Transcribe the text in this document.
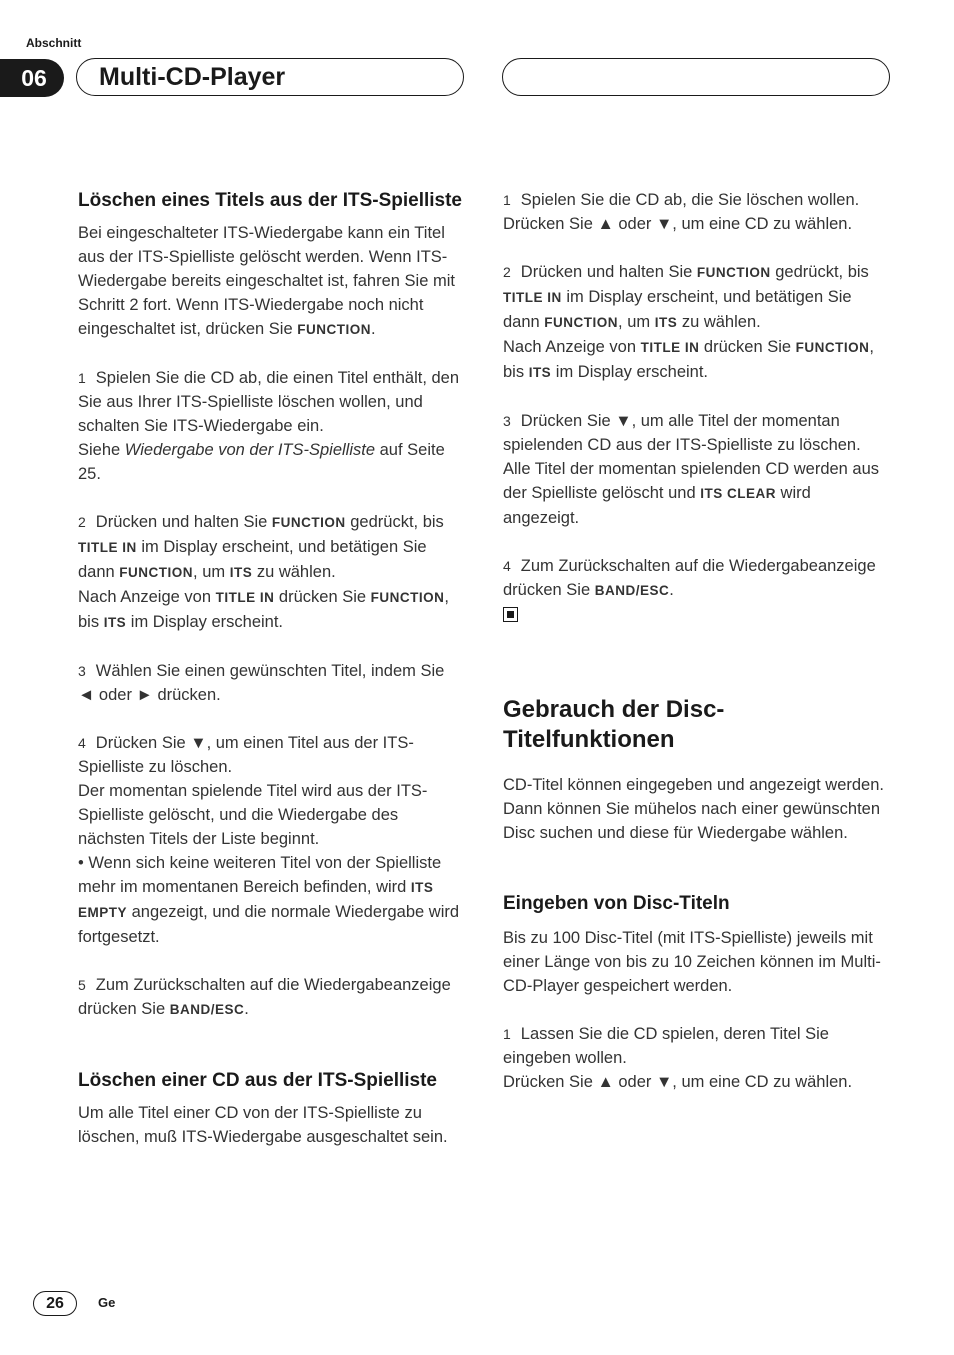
Abschnitt
06	Multi-CD-Player
Löschen eines Titels aus der ITS-Spielliste

Bei eingeschalteter ITS-Wiedergabe kann ein Titel aus der ITS-Spielliste gelöscht werden. Wenn ITS-Wiedergabe bereits eingeschaltet ist, fahren Sie mit Schritt 2 fort. Wenn ITS-Wiedergabe noch nicht eingeschaltet ist, drücken Sie FUNCTION.

1 Spielen Sie die CD ab, die einen Titel enthält, den Sie aus Ihrer ITS-Spielliste löschen wollen, und schalten Sie ITS-Wiedergabe ein.

Siehe Wiedergabe von der ITS-Spielliste auf Seite 25.

2 Drücken und halten Sie FUNCTION gedrückt, bis TITLE IN im Display erscheint, und betätigen Sie dann FUNCTION, um ITS zu wählen.

Nach Anzeige von TITLE IN drücken Sie FUNCTION, bis ITS im Display erscheint.

3 Wählen Sie einen gewünschten Titel, indem Sie ◄ oder ► drücken.

4 Drücken Sie ▼, um einen Titel aus der ITS-Spielliste zu löschen.

Der momentan spielende Titel wird aus der ITS-Spielliste gelöscht, und die Wiedergabe des nächsten Titels der Liste beginnt.

• Wenn sich keine weiteren Titel von der Spielliste mehr im momentanen Bereich befinden, wird ITS EMPTY angezeigt, und die normale Wiedergabe wird fortgesetzt.

5 Zum Zurückschalten auf die Wiedergabeanzeige drücken Sie BAND/ESC.

Löschen einer CD aus der ITS-Spielliste

Um alle Titel einer CD von der ITS-Spielliste zu löschen, muß ITS-Wiedergabe ausgeschaltet sein.

1 Spielen Sie die CD ab, die Sie löschen wollen.

Drücken Sie ▲ oder ▼, um eine CD zu wählen.

2 Drücken und halten Sie FUNCTION gedrückt, bis TITLE IN im Display erscheint, und betätigen Sie dann FUNCTION, um ITS zu wählen.

Nach Anzeige von TITLE IN drücken Sie FUNCTION, bis ITS im Display erscheint.

3 Drücken Sie ▼, um alle Titel der momentan spielenden CD aus der ITS-Spielliste zu löschen.

Alle Titel der momentan spielenden CD werden aus der Spielliste gelöscht und ITS CLEAR wird angezeigt.

4 Zum Zurückschalten auf die Wiedergabeanzeige drücken Sie BAND/ESC.

Gebrauch der Disc-Titelfunktionen

CD-Titel können eingegeben und angezeigt werden. Dann können Sie mühelos nach einer gewünschten Disc suchen und diese für Wiedergabe wählen.

Eingeben von Disc-Titeln

Bis zu 100 Disc-Titel (mit ITS-Spielliste) jeweils mit einer Länge von bis zu 10 Zeichen können im Multi-CD-Player gespeichert werden.

1 Lassen Sie die CD spielen, deren Titel Sie eingeben wollen.

Drücken Sie ▲ oder ▼, um eine CD zu wählen.

26	Ge
